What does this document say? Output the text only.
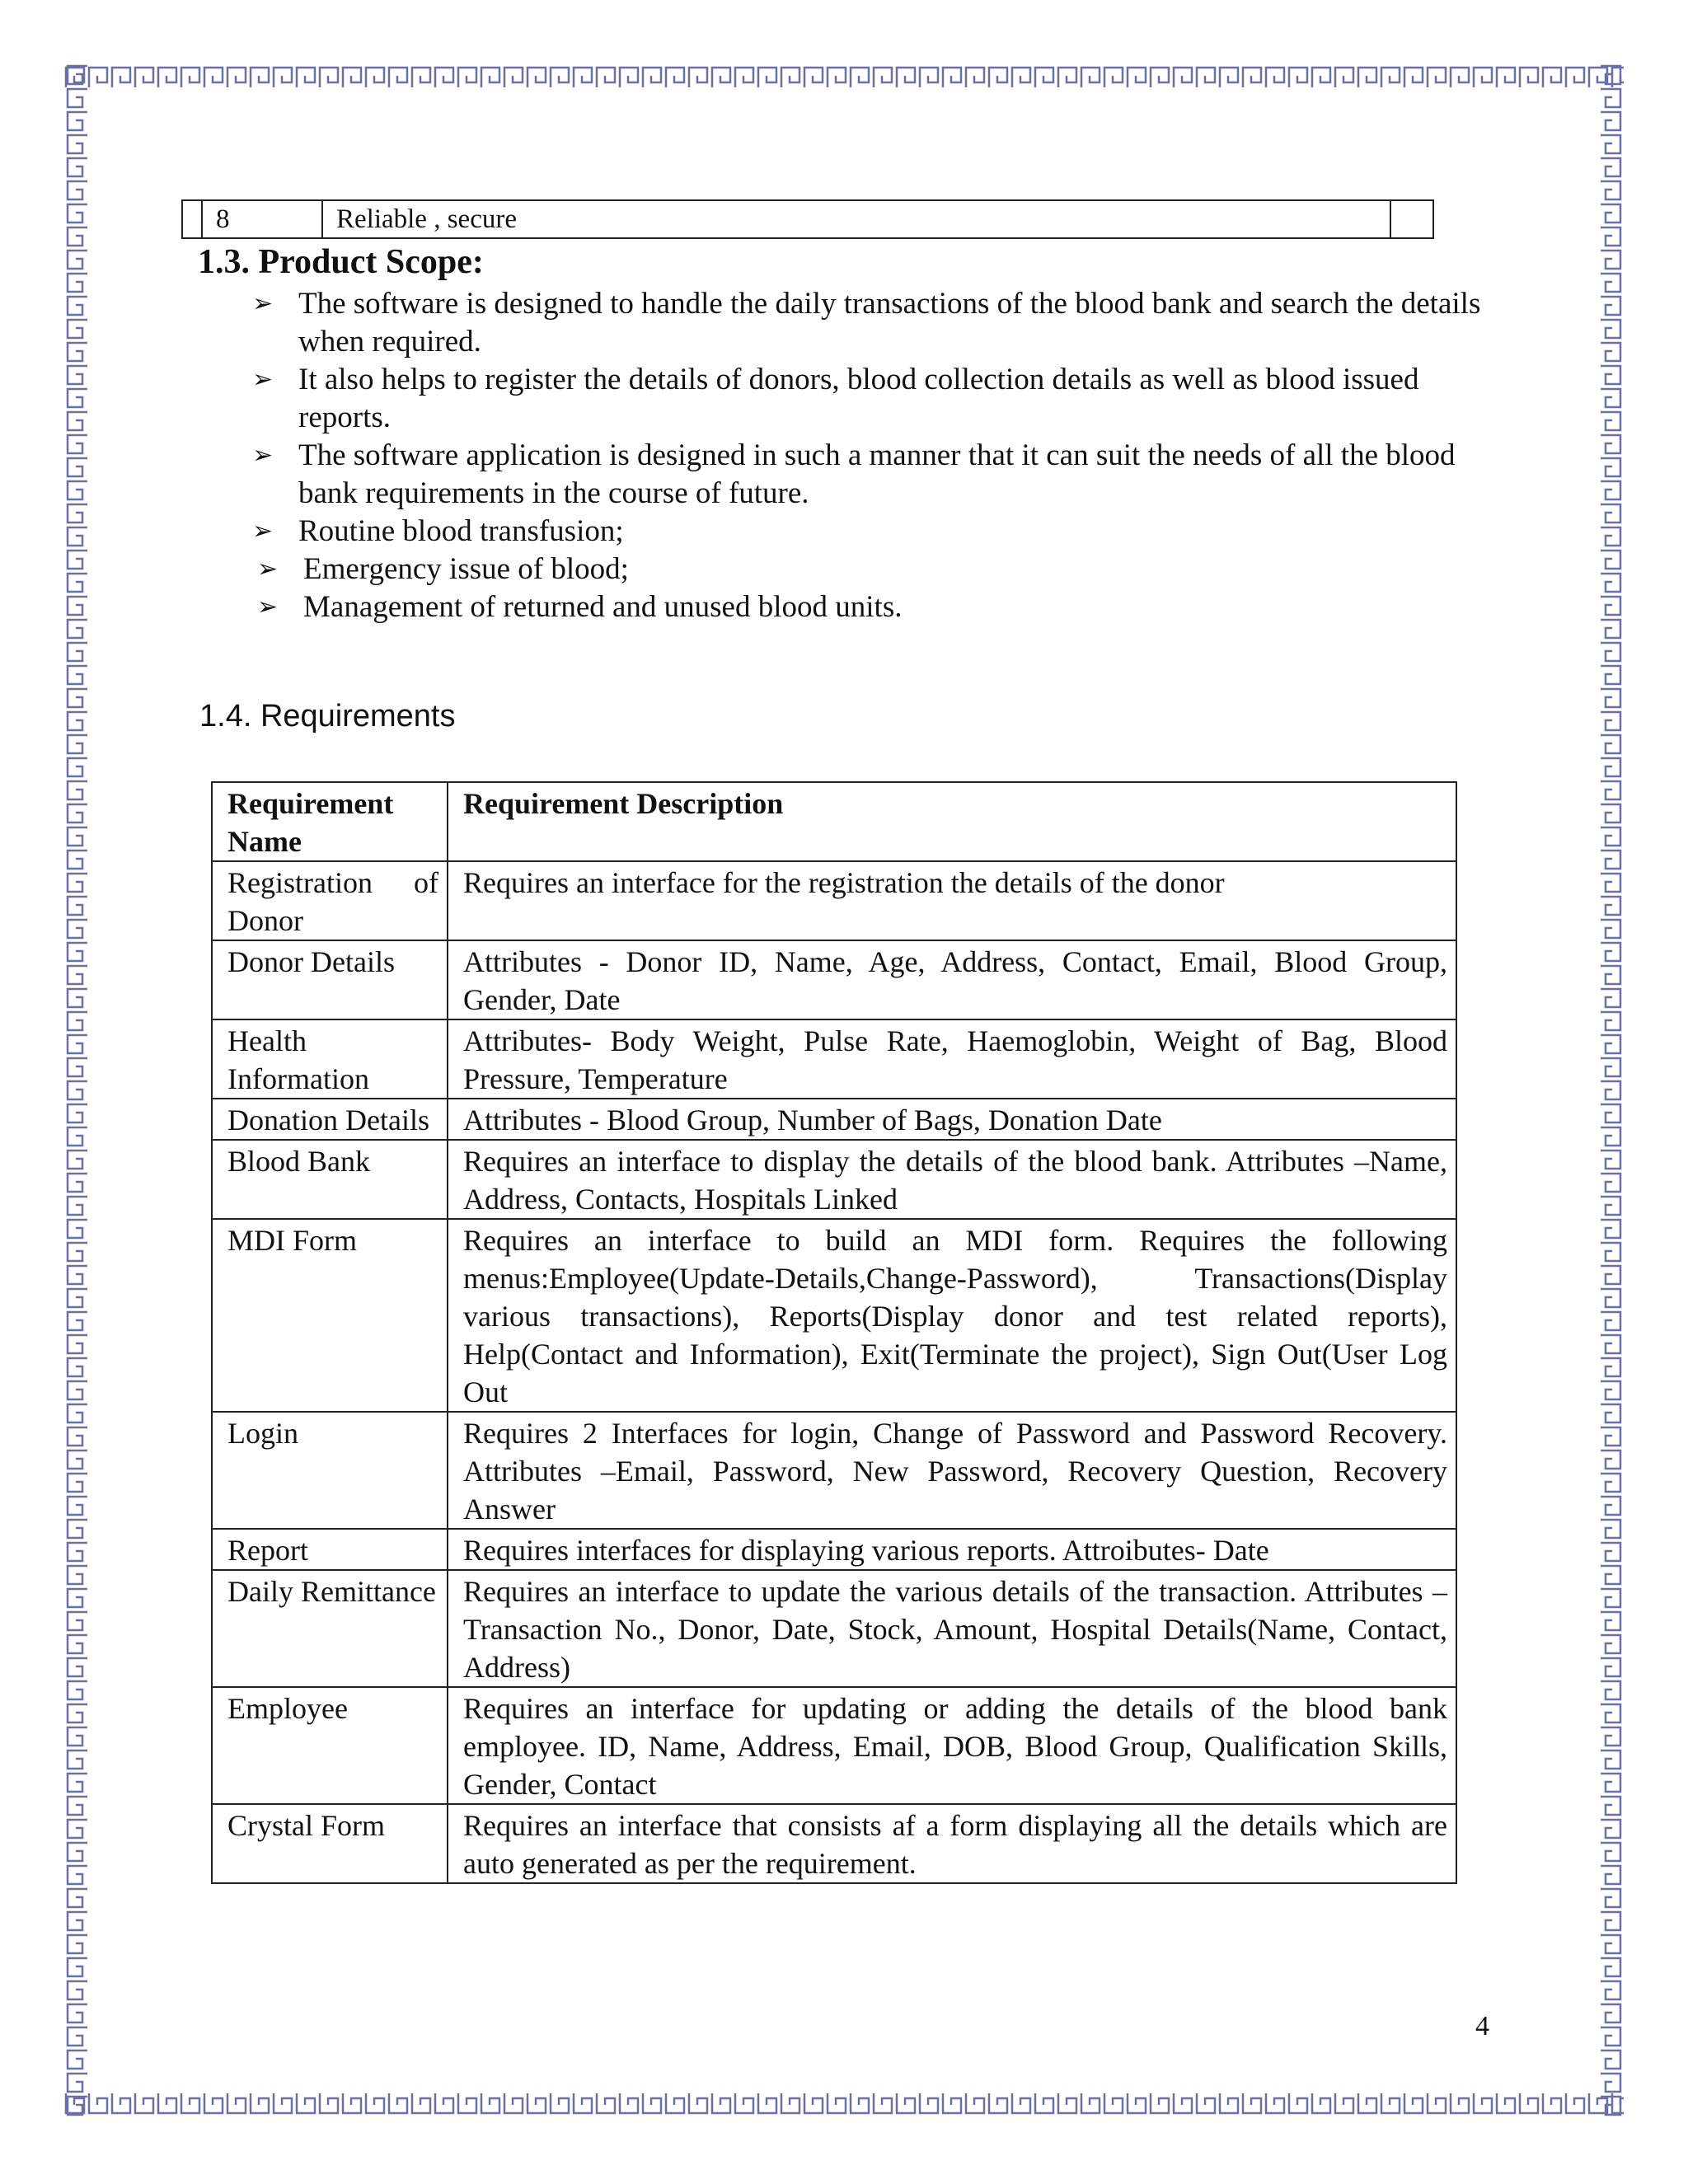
8	Reliable , secure
1.3. Product Scope:
➢ The software is designed to handle the daily transactions of the blood bank and search the details when required.
➢ It also helps to register the details of donors, blood collection details as well as blood issued reports.
➢ The software application is designed in such a manner that it can suit the needs of all the blood bank requirements in the course of future.
➢ Routine blood transfusion;
➢ Emergency issue of blood;
➢ Management of returned and unused blood units.
1.4. Requirements
Requirement Name	Requirement Description
Registration of Donor	Requires an interface for the registration the details of the donor
Donor Details	Attributes - Donor ID, Name, Age, Address, Contact, Email, Blood Group, Gender, Date
Health Information	Attributes- Body Weight, Pulse Rate, Haemoglobin, Weight of Bag, Blood Pressure, Temperature
Donation Details	Attributes - Blood Group, Number of Bags, Donation Date
Blood Bank	Requires an interface to display the details of the blood bank. Attributes –Name, Address, Contacts, Hospitals Linked
MDI Form	Requires an interface to build an MDI form. Requires the following menus:Employee(Update-Details,Change-Password), Transactions(Display various transactions), Reports(Display donor and test related reports), Help(Contact and Information), Exit(Terminate the project), Sign Out(User Log Out
Login	Requires 2 Interfaces for login, Change of Password and Password Recovery. Attributes –Email, Password, New Password, Recovery Question, Recovery Answer
Report	Requires interfaces for displaying various reports. Attroibutes- Date
Daily Remittance	Requires an interface to update the various details of the transaction. Attributes –Transaction No., Donor, Date, Stock, Amount, Hospital Details(Name, Contact, Address)
Employee	Requires an interface for updating or adding the details of the blood bank employee. ID, Name, Address, Email, DOB, Blood Group, Qualification Skills, Gender, Contact
Crystal Form	Requires an interface that consists af a form displaying all the details which are auto generated as per the requirement.
4
